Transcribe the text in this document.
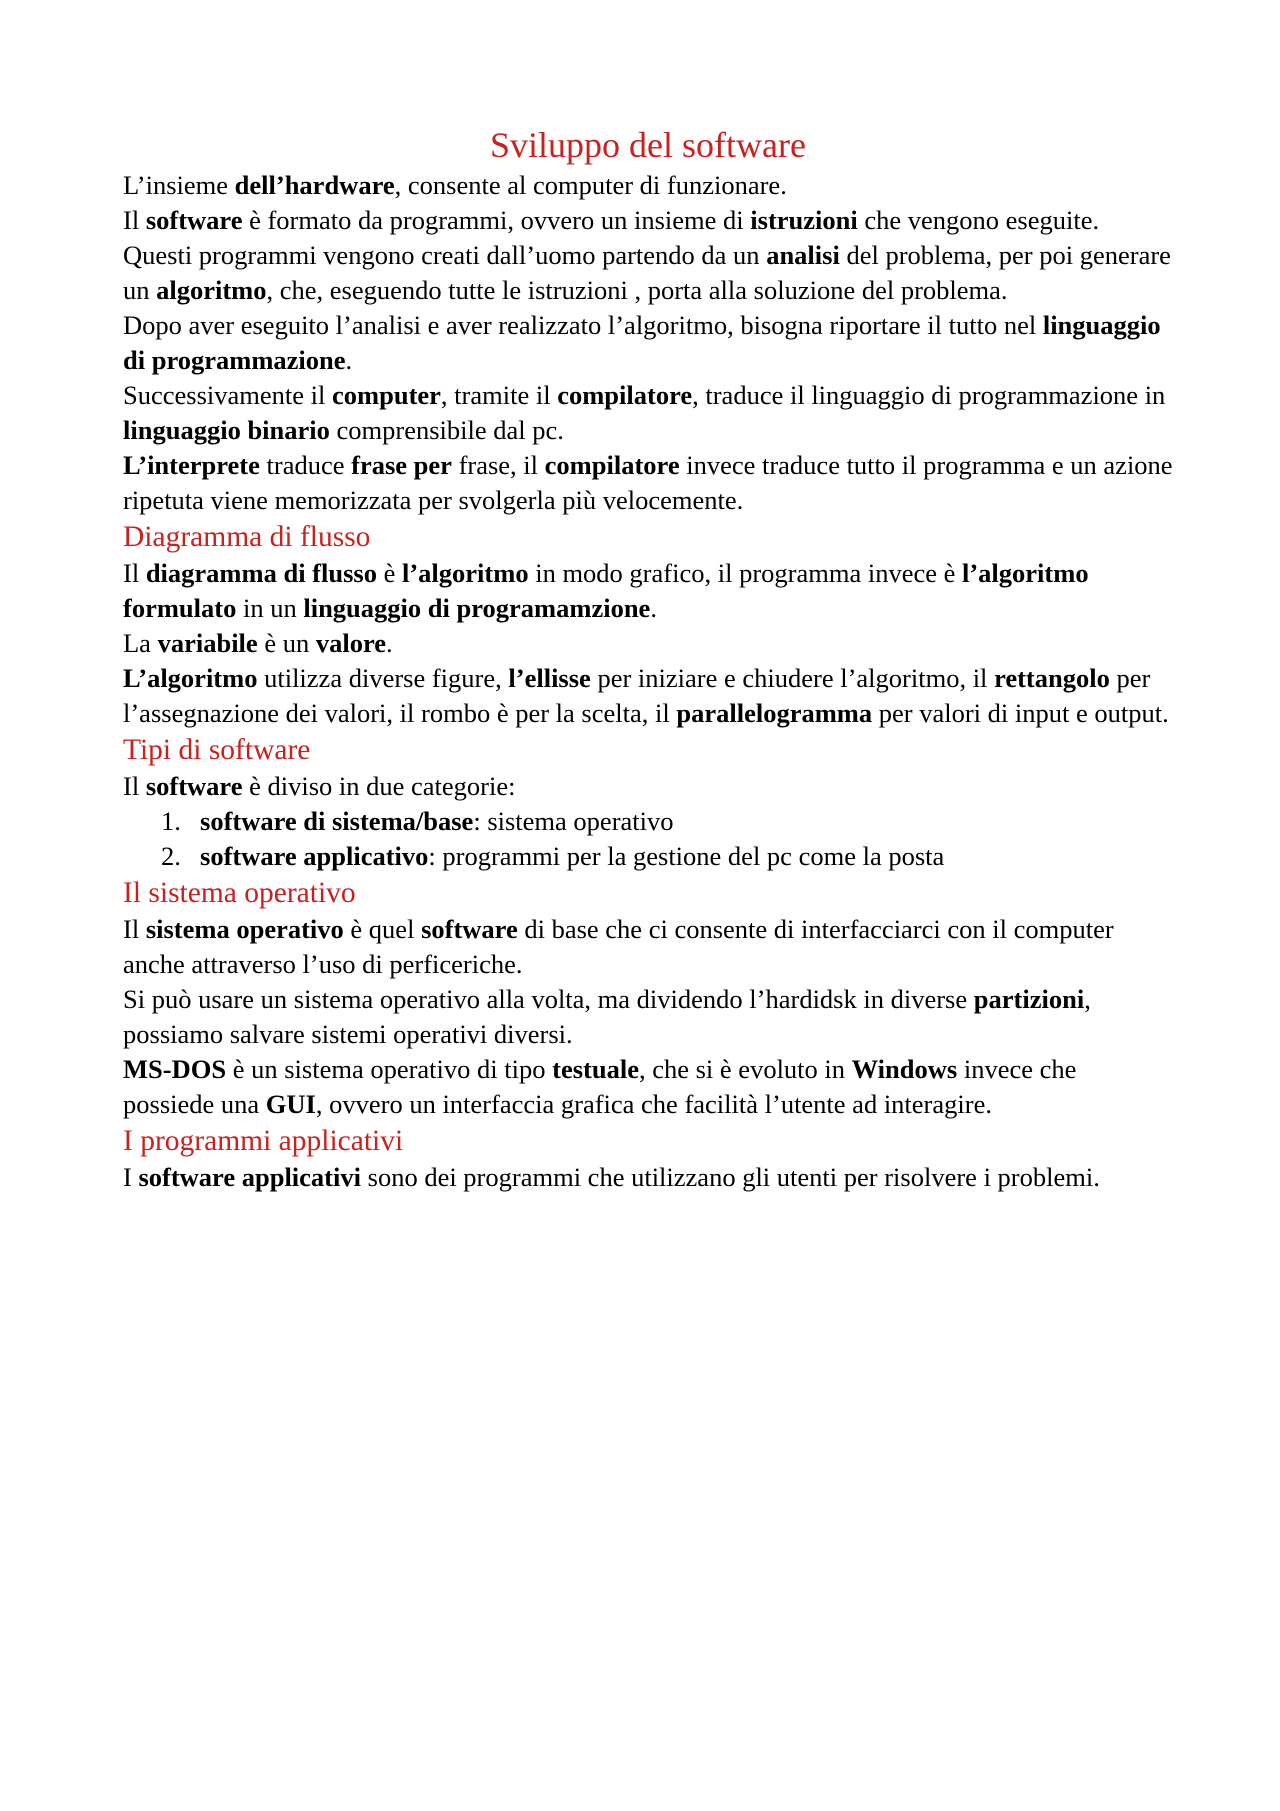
Sviluppo del software

L’insieme dell’hardware, consente al computer di funzionare.

Il software è formato da programmi, ovvero un insieme di istruzioni che vengono eseguite.

Questi programmi vengono creati dall’uomo partendo da un analisi del problema, per poi generare un algoritmo, che, eseguendo tutte le istruzioni , porta alla soluzione del problema.

Dopo aver eseguito l’analisi e aver realizzato l’algoritmo, bisogna riportare il tutto nel linguaggio di programmazione.

Successivamente il computer, tramite il compilatore, traduce il linguaggio di programmazione in linguaggio binario comprensibile dal pc.

L’interprete traduce frase per frase, il compilatore invece traduce tutto il programma e un azione ripetuta viene memorizzata per svolgerla più velocemente.

Diagramma di flusso

Il diagramma di flusso è l’algoritmo in modo grafico, il programma invece è l’algoritmo formulato in un linguaggio di programamzione.

La variabile è un valore.

L’algoritmo utilizza diverse figure, l’ellisse per iniziare e chiudere l’algoritmo, il rettangolo per l’assegnazione dei valori, il rombo è per la scelta, il parallelogramma per valori di input e output.

Tipi di software

Il software è diviso in due categorie:

1. software di sistema/base: sistema operativo
2. software applicativo: programmi per la gestione del pc come la posta
Il sistema operativo

Il sistema operativo è quel software di base che ci consente di interfacciarci con il computer anche attraverso l’uso di perficeriche.

Si può usare un sistema operativo alla volta, ma dividendo l’hardidsk in diverse partizioni, possiamo salvare sistemi operativi diversi.

MS-DOS è un sistema operativo di tipo testuale, che si è evoluto in Windows invece che possiede una GUI, ovvero un interfaccia grafica che facilità l’utente ad interagire.

I programmi applicativi

I software applicativi sono dei programmi che utilizzano gli utenti per risolvere i problemi.
